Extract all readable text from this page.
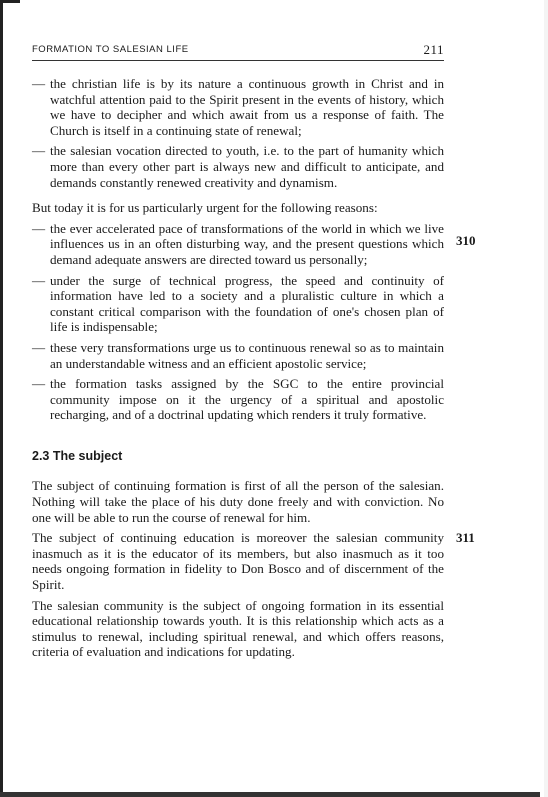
FORMATION TO SALESIAN LIFE	211
310
311
— the christian life is by its nature a continuous growth in Christ and in watchful attention paid to the Spirit present in the events of history, which we have to decipher and which await from us a response of faith. The Church is itself in a continuing state of renewal;
— the salesian vocation directed to youth, i.e. to the part of humanity which more than every other part is always new and difficult to anticipate, and demands constantly renewed creativity and dynamism.

But today it is for us particularly urgent for the following reasons:

— the ever accelerated pace of transformations of the world in which we live influences us in an often disturbing way, and the present questions which demand adequate answers are directed toward us personally;
— under the surge of technical progress, the speed and continuity of information have led to a society and a pluralistic culture in which a constant critical comparison with the foundation of one's chosen plan of life is indispensable;
— these very transformations urge us to continuous renewal so as to maintain an understandable witness and an efficient apostolic service;
— the formation tasks assigned by the SGC to the entire provincial community impose on it the urgency of a spiritual and apostolic recharging, and of a doctrinal updating which renders it truly formative.
2.3 The subject

The subject of continuing formation is first of all the person of the salesian. Nothing will take the place of his duty done freely and with conviction. No one will be able to run the course of renewal for him.

The subject of continuing education is moreover the salesian community inasmuch as it is the educator of its members, but also inasmuch as it too needs ongoing formation in fidelity to Don Bosco and of discernment of the Spirit.

The salesian community is the subject of ongoing formation in its essential educational relationship towards youth. It is this relationship which acts as a stimulus to renewal, including spiritual renewal, and which offers reasons, criteria of evaluation and indications for updating.
